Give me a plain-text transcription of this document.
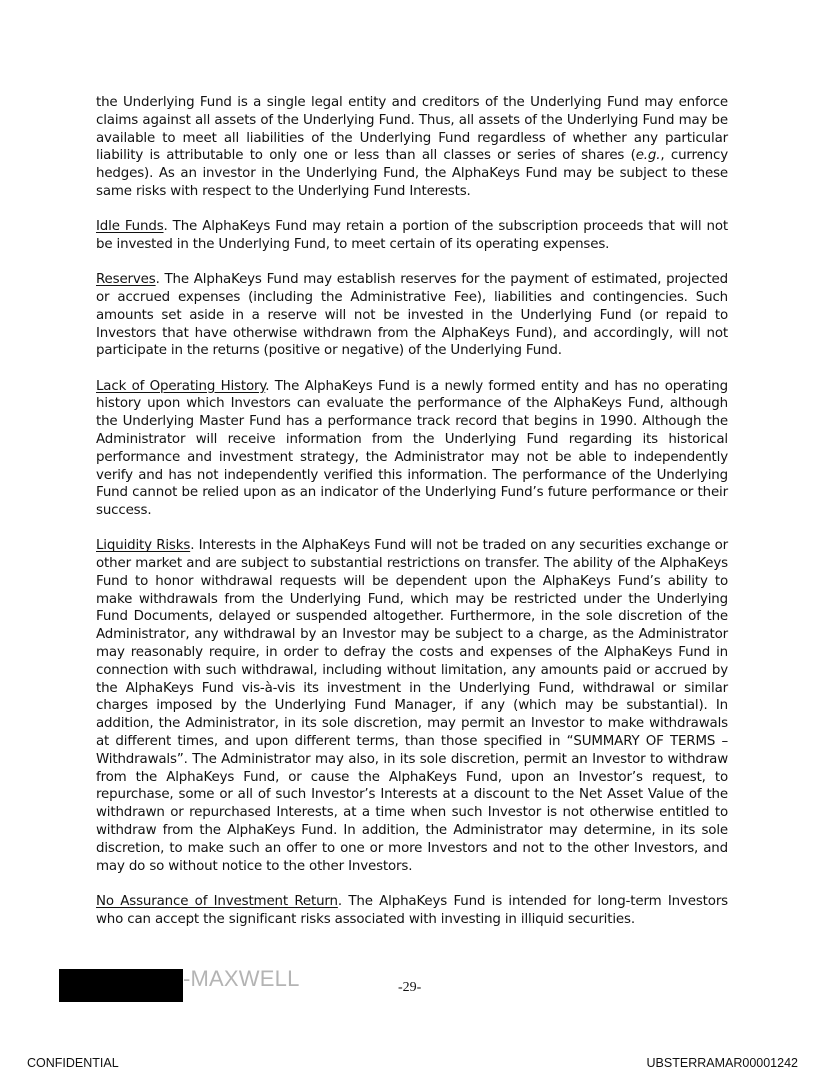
the Underlying Fund is a single legal entity and creditors of the Underlying Fund may enforce claims against all assets of the Underlying Fund. Thus, all assets of the Underlying Fund may be available to meet all liabilities of the Underlying Fund regardless of whether any particular liability is attributable to only one or less than all classes or series of shares (e.g., currency hedges). As an investor in the Underlying Fund, the AlphaKeys Fund may be subject to these same risks with respect to the Underlying Fund Interests.

Idle Funds. The AlphaKeys Fund may retain a portion of the subscription proceeds that will not be invested in the Underlying Fund, to meet certain of its operating expenses.

Reserves. The AlphaKeys Fund may establish reserves for the payment of estimated, projected or accrued expenses (including the Administrative Fee), liabilities and contingencies. Such amounts set aside in a reserve will not be invested in the Underlying Fund (or repaid to Investors that have otherwise withdrawn from the AlphaKeys Fund), and accordingly, will not participate in the returns (positive or negative) of the Underlying Fund.

Lack of Operating History. The AlphaKeys Fund is a newly formed entity and has no operating history upon which Investors can evaluate the performance of the AlphaKeys Fund, although the Underlying Master Fund has a performance track record that begins in 1990. Although the Administrator will receive information from the Underlying Fund regarding its historical performance and investment strategy, the Administrator may not be able to independently verify and has not independently verified this information. The performance of the Underlying Fund cannot be relied upon as an indicator of the Underlying Fund’s future performance or their success.

Liquidity Risks. Interests in the AlphaKeys Fund will not be traded on any securities exchange or other market and are subject to substantial restrictions on transfer. The ability of the AlphaKeys Fund to honor withdrawal requests will be dependent upon the AlphaKeys Fund’s ability to make withdrawals from the Underlying Fund, which may be restricted under the Underlying Fund Documents, delayed or suspended altogether. Furthermore, in the sole discretion of the Administrator, any withdrawal by an Investor may be subject to a charge, as the Administrator may reasonably require, in order to defray the costs and expenses of the AlphaKeys Fund in connection with such withdrawal, including without limitation, any amounts paid or accrued by the AlphaKeys Fund vis-à-vis its investment in the Underlying Fund, withdrawal or similar charges imposed by the Underlying Fund Manager, if any (which may be substantial). In addition, the Administrator, in its sole discretion, may permit an Investor to make withdrawals at different times, and upon different terms, than those specified in “SUMMARY OF TERMS – Withdrawals”. The Administrator may also, in its sole discretion, permit an Investor to withdraw from the AlphaKeys Fund, or cause the AlphaKeys Fund, upon an Investor’s request, to repurchase, some or all of such Investor’s Interests at a discount to the Net Asset Value of the withdrawn or repurchased Interests, at a time when such Investor is not otherwise entitled to withdraw from the AlphaKeys Fund. In addition, the Administrator may determine, in its sole discretion, to make such an offer to one or more Investors and not to the other Investors, and may do so without notice to the other Investors.

No Assurance of Investment Return. The AlphaKeys Fund is intended for long-term Investors who can accept the significant risks associated with investing in illiquid securities.

-MAXWELL	-29-
CONFIDENTIAL	UBSTERRAMAR00001242
